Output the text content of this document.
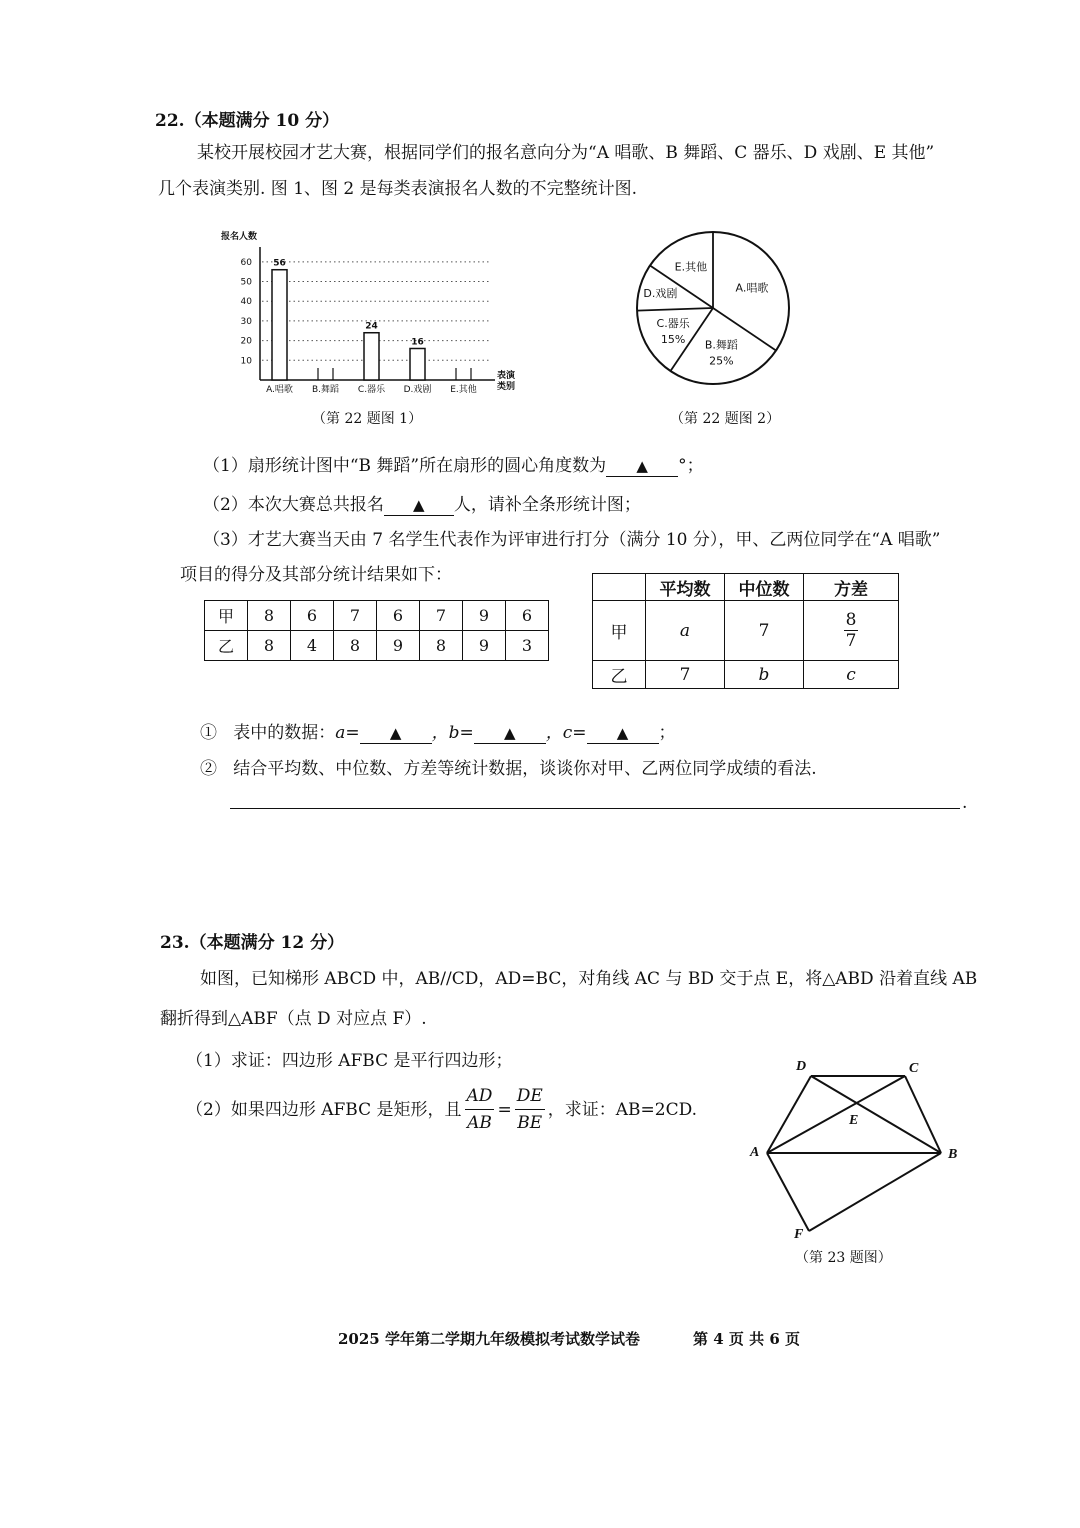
22.（本题满分 10 分）
某校开展校园才艺大赛，根据同学们的报名意向分为“A 唱歌、B 舞蹈、C 器乐、D 戏剧、E 其他”
几个表演类别. 图 1、图 2 是每类表演报名人数的不完整统计图.
报名人数
10
20
30
40
50
60 56
A.唱歌 B.舞蹈
24
C.器乐
16
D.戏剧 E.其他
表演
类别
A.唱歌
B.舞蹈
25%
C.器乐
15%
D.戏剧
E.其他
（第 22 题图 1）	（第 22 题图 2）
（1）扇形统计图中“B 舞蹈”所在扇形的圆心角度数为 ▲ °；
（2）本次大赛总共报名 ▲ 人，请补全条形统计图；
（3）才艺大赛当天由 7 名学生代表作为评审进行打分（满分 10 分），甲、乙两位同学在“A 唱歌”
项目的得分及其部分统计结果如下：
甲	8	6	7	6	7	9	6
乙	8	4	8	9	8	9	3
	平均数	中位数	方差
甲	a	7	$\frac{8}{7}$

乙	7	b	c
① 表中的数据：a= ▲ ，b= ▲ ，c= ▲ ；
② 结合平均数、中位数、方差等统计数据，谈谈你对甲、乙两位同学成绩的看法.
.
23.（本题满分 12 分）
如图，已知梯形 ABCD 中，AB//CD，AD=BC，对角线 AC 与 BD 交于点 E，将△ABD 沿着直线 AB
翻折得到△ABF（点 D 对应点 F）.
（1）求证：四边形 AFBC 是平行四边形；
（2）如果四边形 AFBC 是矩形，且 $\frac{AD}{AB} = \frac{DE}{BE}$ ，求证：AB=2CD.
D	C
E
A	B
F
（第 23 题图）
2025 学年第二学期九年级模拟考试数学试卷	第 4 页 共 6 页
